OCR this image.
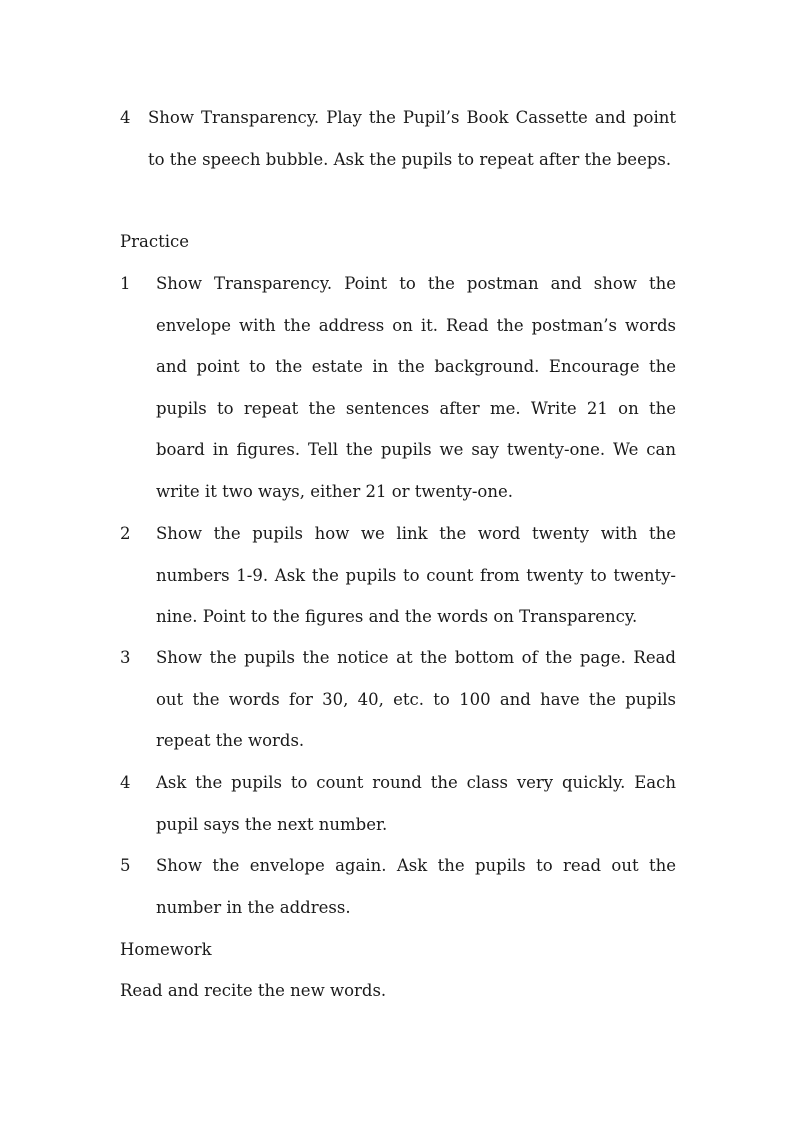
4 Show Transparency. Play the Pupil’s Book Cassette and point to the speech bubble. Ask the pupils to repeat after the beeps.
Practice
1 Show Transparency. Point to the postman and show the envelope with the address on it. Read the postman’s words and point to the estate in the background. Encourage the pupils to repeat the sentences after me. Write 21 on the board in figures. Tell the pupils we say twenty-one. We can write it two ways, either 21 or twenty-one.
2 Show the pupils how we link the word twenty with the numbers 1-9. Ask the pupils to count from twenty to twenty-nine. Point to the figures and the words on Transparency.
3 Show the pupils the notice at the bottom of the page. Read out the words for 30, 40, etc. to 100 and have the pupils repeat the words.
4 Ask the pupils to count round the class very quickly. Each pupil says the next number.
5 Show the envelope again. Ask the pupils to read out the number in the address.
Homework
Read and recite the new words.
